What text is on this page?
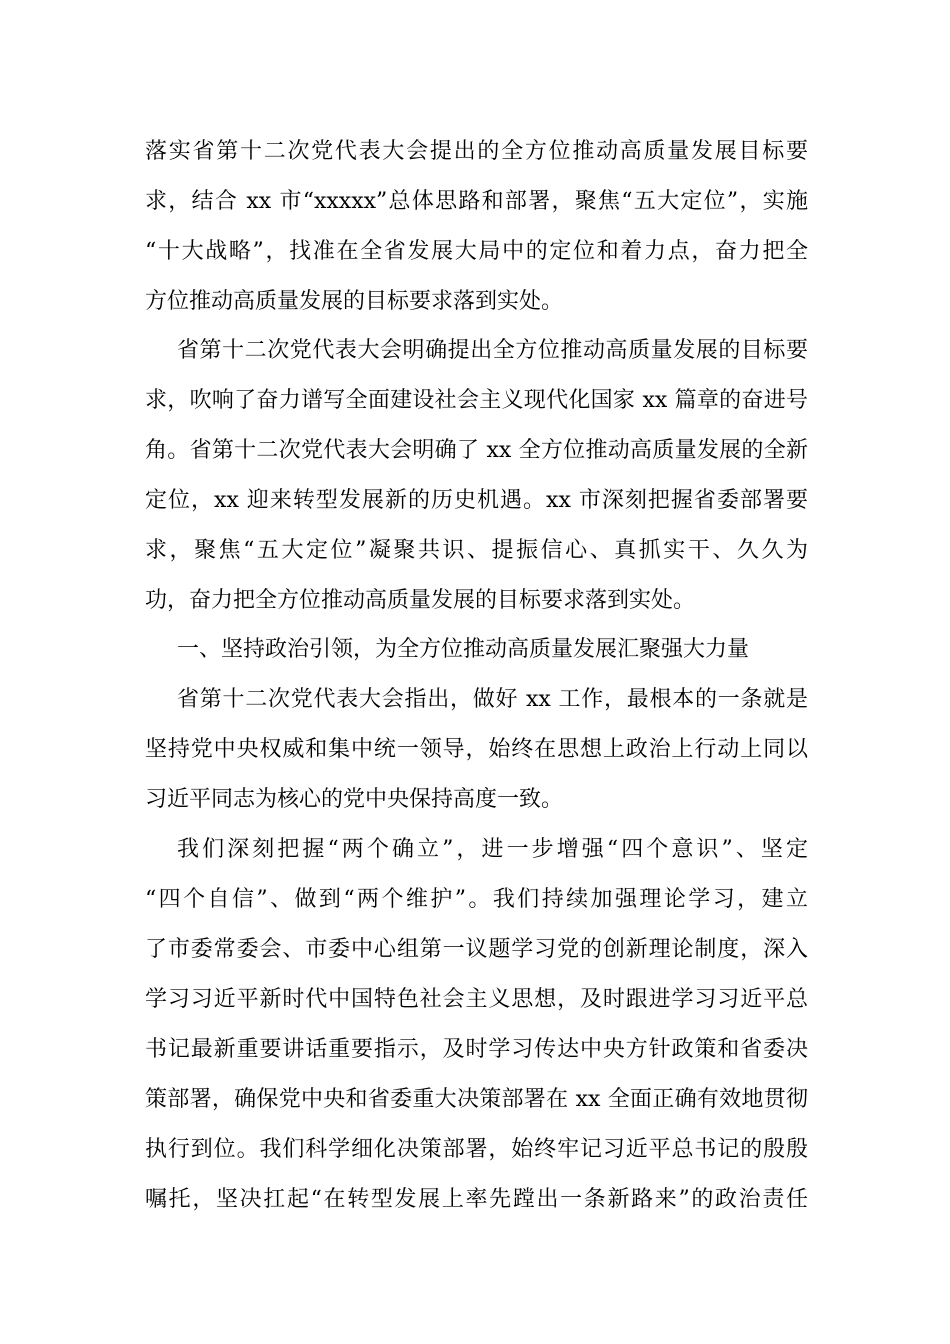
落实省第十二次党代表大会提出的全方位推动高质量发展目标要
求，结合 xx 市“xxxxx”总体思路和部署，聚焦“五大定位”，实施
“十大战略”，找准在全省发展大局中的定位和着力点，奋力把全
方位推动高质量发展的目标要求落到实处。
省第十二次党代表大会明确提出全方位推动高质量发展的目标要
求，吹响了奋力谱写全面建设社会主义现代化国家 xx 篇章的奋进号
角。省第十二次党代表大会明确了 xx 全方位推动高质量发展的全新
定位，xx 迎来转型发展新的历史机遇。xx 市深刻把握省委部署要
求，聚焦“五大定位”凝聚共识、提振信心、真抓实干、久久为
功，奋力把全方位推动高质量发展的目标要求落到实处。
一、坚持政治引领，为全方位推动高质量发展汇聚强大力量
省第十二次党代表大会指出，做好 xx 工作，最根本的一条就是
坚持党中央权威和集中统一领导，始终在思想上政治上行动上同以
习近平同志为核心的党中央保持高度一致。
我们深刻把握“两个确立”，进一步增强“四个意识”、坚定
“四个自信”、做到“两个维护”。我们持续加强理论学习，建立
了市委常委会、市委中心组第一议题学习党的创新理论制度，深入
学习习近平新时代中国特色社会主义思想，及时跟进学习习近平总
书记最新重要讲话重要指示，及时学习传达中央方针政策和省委决
策部署，确保党中央和省委重大决策部署在 xx 全面正确有效地贯彻
执行到位。我们科学细化决策部署，始终牢记习近平总书记的殷殷
嘱托，坚决扛起“在转型发展上率先蹚出一条新路来”的政治责任
